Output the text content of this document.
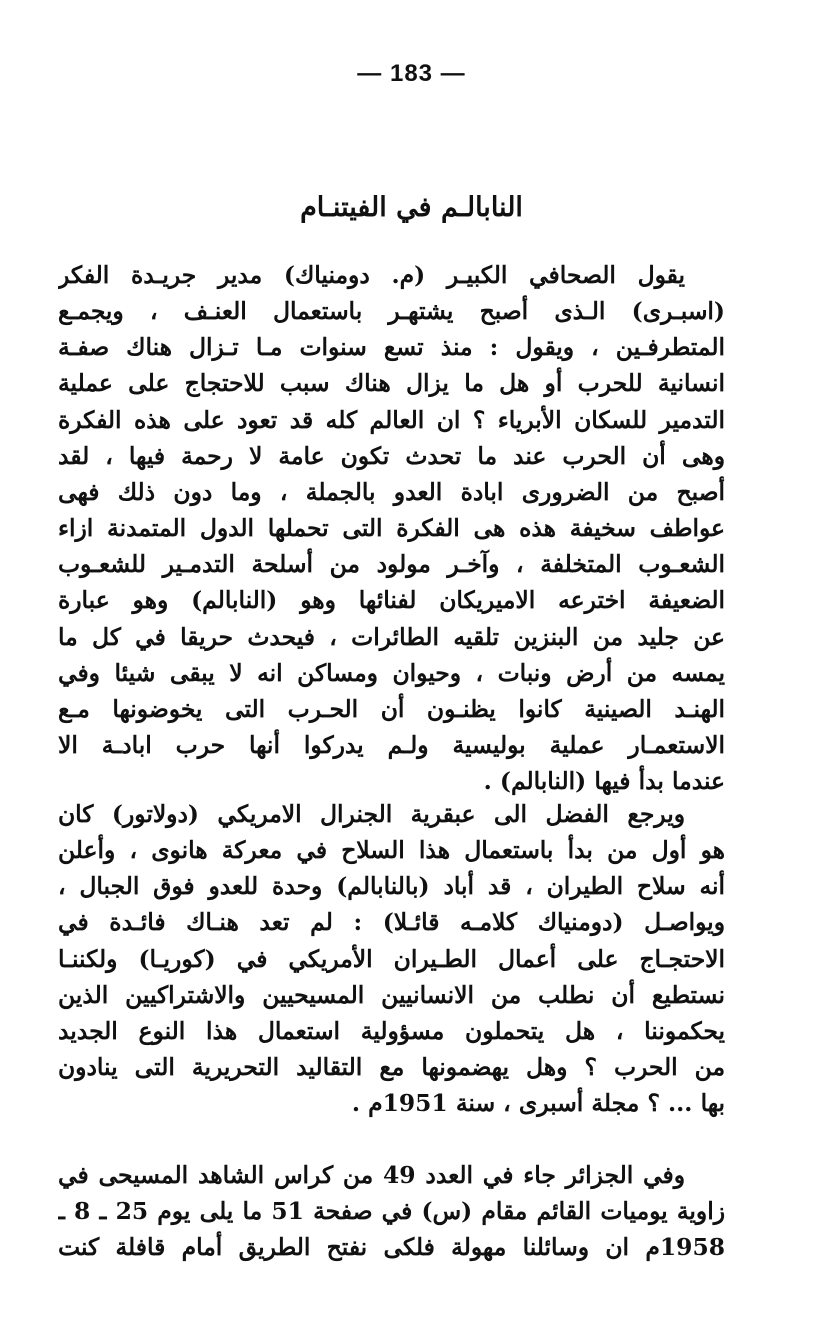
— 183 —
النابالـم في الفيتنـام

يقول الصحافي الكبيـر (م. دومنياك) مدير جريـدة الفكر
(اسبـرى) الـذى أصبح يشتهـر باستعمال العنـف ، ويجمـع
المتطرفـين ، ويقول : منذ تسع سنوات مـا تـزال هناك صفـة
انسانية للحرب أو هل ما يزال هناك سبب للاحتجاج على عملية
التدمير للسكان الأبرياء ؟ ان العالم كله قد تعود على هذه الفكرة
وهى أن الحرب عند ما تحدث تكون عامة لا رحمة فيها ، لقد
أصبح من الضرورى ابادة العدو بالجملة ، وما دون ذلك فهى
عواطف سخيفة هذه هى الفكرة التى تحملها الدول المتمدنة ازاء
الشعـوب المتخلفة ، وآخـر مولود من أسلحة التدمـير للشعـوب
الضعيفة اخترعه الاميريكان لفنائها وهو (النابالم) وهو عبارة
عن جليد من البنزين تلقيه الطائرات ، فيحدث حريقا في كل ما
يمسه من أرض ونبات ، وحيوان ومساكن انه لا يبقى شيئا وفي
الهنـد الصينية كانوا يظنـون أن الحـرب التى يخوضونها مـع
الاستعمـار عملية بوليسية ولـم يدركوا أنها حرب ابادـة الا
عندما بدأ فيها (النابالم) .

ويرجع الفضل الى عبقرية الجنرال الامريكي (دولاتور) كان
هو أول من بدأ باستعمال هذا السلاح في معركة هانوى ، وأعلن
أنه سلاح الطيران ، قد أباد (بالنابالم) وحدة للعدو فوق الجبال ،
ويواصـل (دومنياك كلامـه قائـلا) : لم تعد هنـاك فائـدة في
الاحتجـاج على أعمال الطـيران الأمريكي في (كوريـا) ولكننـا
نستطيع أن نطلب من الانسانيين المسيحيين والاشتراكيين الذين
يحكموننا ، هل يتحملون مسؤولية استعمال هذا النوع الجديد
من الحرب ؟ وهل يهضمونها مع التقاليد التحريرية التى ينادون
بها ... ؟ مجلة أسبرى ، سنة 1951م .

وفي الجزائر جاء في العدد 49 من كراس الشاهد المسيحى في
زاوية يوميات القائم مقام (س) في صفحة 51 ما يلى يوم 25 ـ 8 ـ
1958م ان وسائلنا مهولة فلكى نفتح الطريق أمام قافلة كنت
